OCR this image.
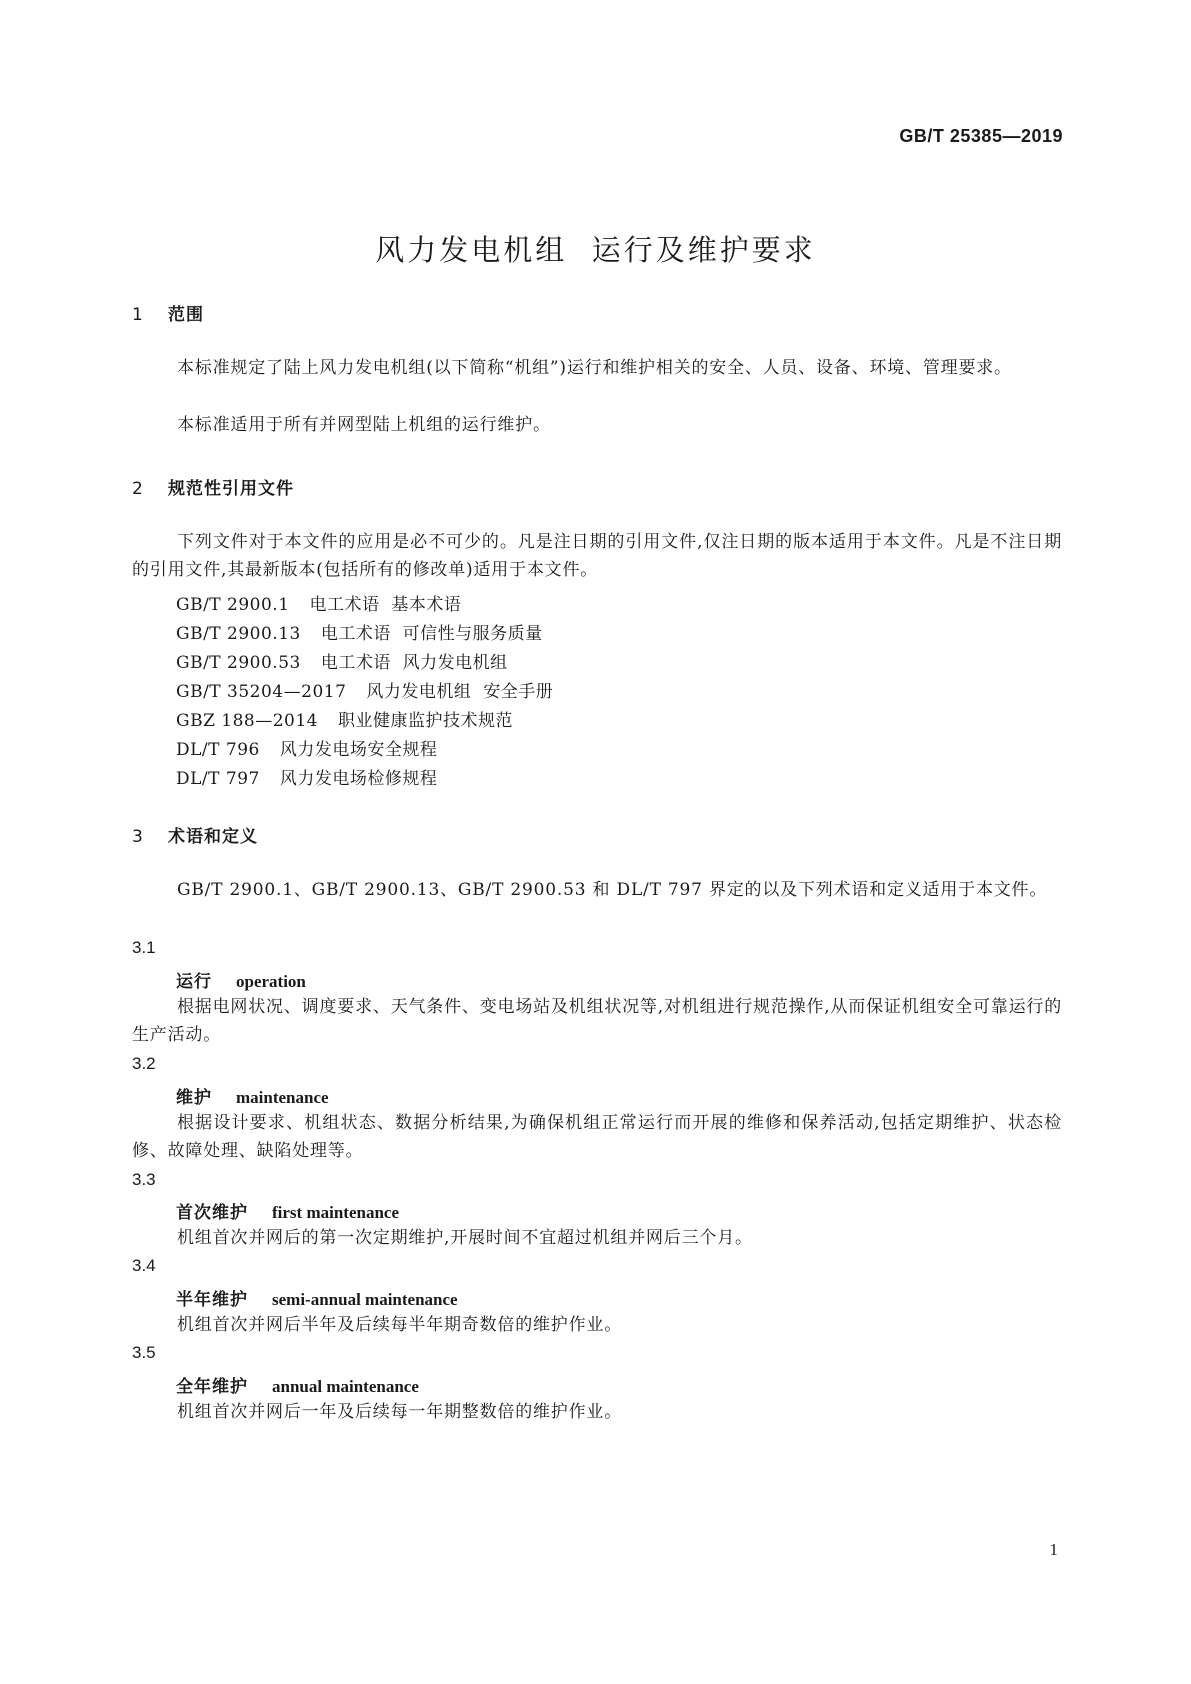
GB/T 25385—2019
风力发电机组  运行及维护要求
1 范围
本标准规定了陆上风力发电机组(以下简称“机组”)运行和维护相关的安全、人员、设备、环境、管理要求。
本标准适用于所有并网型陆上机组的运行维护。
2 规范性引用文件
下列文件对于本文件的应用是必不可少的。凡是注日期的引用文件,仅注日期的版本适用于本文件。凡是不注日期的引用文件,其最新版本(包括所有的修改单)适用于本文件。
GB/T 2900.1 电工术语  基本术语
GB/T 2900.13 电工术语  可信性与服务质量
GB/T 2900.53 电工术语  风力发电机组
GB/T 35204—2017 风力发电机组  安全手册
GBZ 188—2014 职业健康监护技术规范
DL/T 796 风力发电场安全规程
DL/T 797 风力发电场检修规程
3 术语和定义
GB/T 2900.1、GB/T 2900.13、GB/T 2900.53 和 DL/T 797 界定的以及下列术语和定义适用于本文件。
3.1
运行 operation
根据电网状况、调度要求、天气条件、变电场站及机组状况等,对机组进行规范操作,从而保证机组安全可靠运行的生产活动。
3.2
维护 maintenance
根据设计要求、机组状态、数据分析结果,为确保机组正常运行而开展的维修和保养活动,包括定期维护、状态检修、故障处理、缺陷处理等。
3.3
首次维护 first maintenance
机组首次并网后的第一次定期维护,开展时间不宜超过机组并网后三个月。
3.4
半年维护 semi-annual maintenance
机组首次并网后半年及后续每半年期奇数倍的维护作业。
3.5
全年维护 annual maintenance
机组首次并网后一年及后续每一年期整数倍的维护作业。
1
